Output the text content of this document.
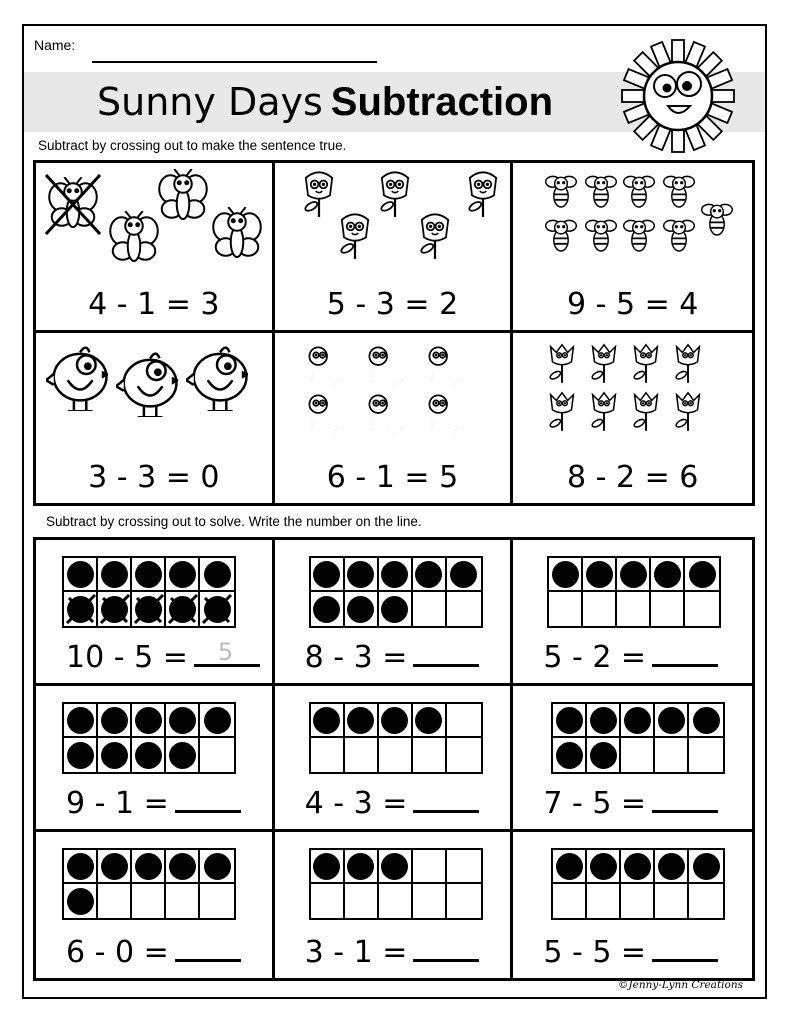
Name:
Sunny Days Subtraction
Subtract by crossing out to make the sentence true.
4 - 1 = 3	5 - 3 = 2	9 - 5 = 4
3 - 3 = 0	6 - 1 = 5	8 - 2 = 6
Subtract by crossing out to solve. Write the number on the line.
10 - 5 = 5 8 - 3 =	5 - 2 =
9 - 1 =	4 - 3 =	7 - 5 =
6 - 0 =	3 - 1 =	5 - 5 =
©Jenny-Lynn Creations
